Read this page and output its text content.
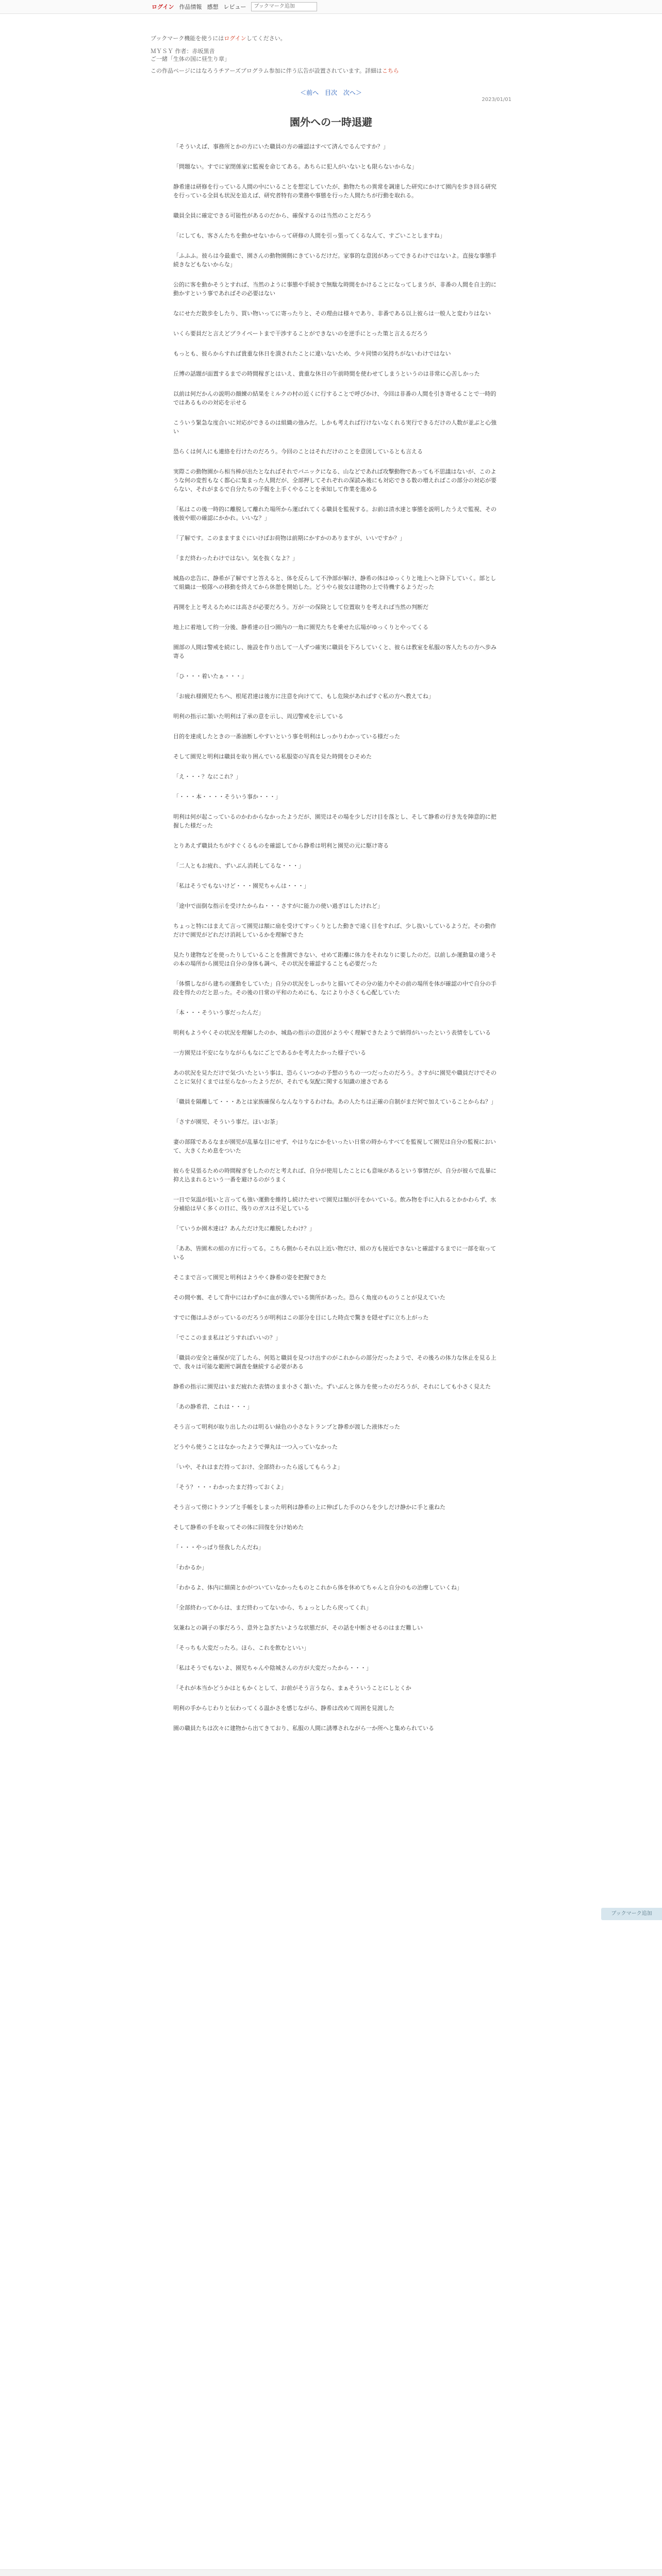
ログイン 作品情報 感想 レビュー	ブックマーク追加
ブックマーク機能を使うにはログインしてください。
ＭＹＳＹ 作者：赤坂黒音
ご一緒「生体の国に昼生り章」
この作品ページにはなろうチアーズプログラム参加に伴う広告が設置されています。詳細はこちら
＜前へ 目次 次へ＞
2023/01/01
園外への一時退避

「そういえば、事務所とかの方にいた職員の方の確認はすべて済んでるんですか？」

「問題ない。すでに家閉係家に監視を命じてある。あちらに犯人がいないとも限らないからな」

静希達は研修を行っている人間の中にいることを想定していたが、動物たちの異常を調達した研究にかけて園内を歩き回る研究を行っている全員も状況を追えば、研究者特有の業務や事態を行った人間たちが行動を取れる。

職員全員に確定できる可能性があるのだから、確保するのは当然のことだろう

「にしても、客さんたちを動かせないからって研修の人間を引っ張ってくるなんて、すごいことしますね」

「ふふふ。彼らは今最重で、園さんの動物園側にきているだけだ。家事的な意図があってできるわけではないよ。直接な事態手続きなどもないからな」

公的に客を動かそうとすれば、当然のように事態や手続きで無駄な時間をかけることになってしまうが、非番の人間を自主的に動かすという事であればその必要はない

なにせただ散歩をしたり、買い物いってに寄ったりと、その理由は様々であり、非番である以上彼らは一般人と変わりはない

いくら要員だと言えどプライベートまで干渉することができないのを逆手にとった策と言えるだろう

もっとも、彼らからすれば貴重な休日を潰されたことに違いないため、少々同情の気持ちがないわけではない

丘博の話題が面置するまでの時間稼ぎとはいえ、貴重な休日の午前時間を使わせてしまうというのは非常に心苦しかった

以前は何だかんの説明の顔練の結果をミルクの村の近くに行することで呼びかけ、今回は非番の人間を引き寄せることで一時的ではあるものの対応を示せる

こういう緊急な度合いに対応ができるのは組織の強みだ。しかも考えれば行けないなくれる実行できるだけの人数が並ぶと心強い

恐らくは何人にも連絡を行けたのだろう。今回のことはそれだけのことを意図しているとも言える

実際この動物園から相当棒が出たとなればそれでパニックになる、山などであれば攻撃動物であっても不思議はないが、このような何の変哲もなく都心に集まった人間だが、全部押してそれぞれの深読み後にも対応できる数の増えればこの部分の対応が要らない、それがまるで自分たちの予報を上手くやることを承知して作業を進める

「私はこの後一時的に離脱して離れた場所から運ばれてくる職員を監視する。お前は清水達と事態を説明したうえで監視、その後彼や眼の確認にかかれ。いいな？」

「了解です。このまますまぐにいけばお荷物は前期にかすかのありますが、いいですか？」

「まだ終わったわけではない。気を抜くなよ？」

城島の忠告に、静希が了解ですと答えると、体を反らして不浄部が解け、静希の体はゆっくりと地上へと降下していく。部として組織は一般隊への移動を終えてから休憩を開始した。どうやら彼女は建物の上で待機するようだった

再開を上と考えるためには高さが必要だろう。万が一の保険として位置取りを考えれば当然の判断だ

地上に着地して約一分後、静希達の目つ園内の一角に園児たちを乗せた広場がゆっくりとやってくる

園部の人間は警戒を続にし、施設を作り出して一人ずつ確実に職員を下ろしていくと、彼らは教室を私服の客人たちの方へ歩み寄る

「ひ・・・着いたぁ・・・」

「お疲れ様園児たちへ、根尾君達は後方に注意を向けてて、もし危険があればすぐ私の方へ教えてね」

明利の指示に頷いた明利は了承の意を示し、周辺警戒を示している

目的を達成したときの一番油断しやすいという事を明利はしっかりわかっている様だった

そして園児と明利は職員を取り囲んでいる私服姿の写真を見た時間をひそめた

「え・・・？なにこれ？」

「・・・本・・・・そういう事か・・・」

明利は何が起こっているのかわからなかったようだが、園児はその場を少しだけ目を落とし、そして静希の行き先を陣意的に把握した様だった

とりあえず職員たちがすぐくるものを確認してから静希は明利と園児の元に駆け寄る

「二人ともお疲れ、ずいぶん消耗してるな・・・」

「私はそうでもないけど・・・園児ちゃんは・・・」

「途中で面倒な指示を受けたからね・・・さすがに能力の使い過ぎはしたけれど」

ちょっと特にはまえて言って園児は額に扇を受けてすっくりとした動きで遠く目をすれば、少し抜いしているようだ。その動作だけで園児がどれだけ消耗しているかを理解できた

見たり建物などを使ったりしていることを推測できない、せめて距離に体力をそれなりに要したのだ。以前しか運動量の違うその本の場所から園児は自分の身体も調べ、その状況を確認することも必要だった

「体慣しながら建ちの運動をしていた」自分の状況をしっかりと描いてその分の能力やその前の場所を体が確認の中で自分の手段を得たのだと思った。その後の日常の平和のためにも、なにより小さくも心配していた

「本・・・そういう事だったんだ」

明利もようやくその状況を理解したのか、城島の指示の意図がようやく理解できたようで納得がいったという表情をしている

一方園児は不安になりながらもなにごとであるかを考えたかった様子でいる

あの状況を見ただけで気づいたという事は、恐らくいつかの予想のうちの一つだったのだろう。さすがに園児や職員だけでそのことに気付くまでは至らなかったようだが、それでも気配に関する知識の速さである

「職員を隔離して・・・あとは家族確保らなんなりするわけね。あの人たちは正確の自制がまだ何で加えていることからね？」

「さすが園児、そういう事だ。ほいお茶」

妻の部隊であるなまが園児が乱暴な目にせず、やはりなにかをいったい日常の時からすべてを監視して園児は自分の監視において、大きくため息をついた

彼らを見張るための時間稼ぎをしたのだと考えれば、自分が使用したことにも意味があるという事情だが、自分が彼らで乱暴に抑え込まれるという一番を避けるのがうまく

一日で気温が低いと言っても強い運動を維持し続けたせいで園児は額が汗をかいている。飲み物を手に入れるとかかわらず、水分補給は早く多くの日に、残りのガスは不足している

「ていうか園木達は？あんただけ先に離脱したわけ？」

「ああ、皆園木の組の方に行ってる。こちら側からそれ以上近い物だけ、組の方も接近できないと確認するまでに一部を取っている

そこまで言って園児と明利はようやく静希の姿を把握できた

その間や裏、そして背中にはわずかに血が滲んでいる箇所があった。恐らく角度のものうことが見えていた

すでに傷はふさがっているのだろうが明利はこの部分を目にした時点で驚きを隠せずに立ち上がった

「でここのまま私はどうすればいいの？」

「職員の安全と確保が完了したら、何処と職員を見つけ出すのがこれからの部分だったようで、その後ろの体力な休止を見る上で、我々は可能な範囲で調査を継続する必要がある

静希の指示に園児はいまだ疲れた表情のまま小さく頷いた。ずいぶんと体力を使ったのだろうが、それにしても小さく見えた

「あの静希君、これは・・・」

そう言って明利が取り出したのは明るい緑色の小さなトランプと静希が渡した液体だった

どうやら使うことはなかったようで弾丸は一つ入っていなかった

「いや、それはまだ持っておけ、全部終わったら返してもらうよ」

「そう？・・・わかったまだ持っておくよ」

そう言って傍にトランプと手帳をしまった明利は静希の上に伸ばした手のひらを少しだけ静かに手と重ねた

そして静希の手を取ってその体に回復を分け始めた

「・・・やっぱり怪我したんだね」

「わかるか」

「わかるよ、体内に細菌とかがついていなかったものとこれから体を休めてちゃんと自分のもの治療していくね」

「全部終わってからは、まだ終わってないから、ちょっとしたら戻ってくれ」

気兼ねとの調子の事だろう、意外と急ぎたいような状態だが、その話を中断させるのはまだ難しい

「そっちも大変だったろ。ほら、これを飲むといい」

「私はそうでもないよ、園児ちゃんや陰城さんの方が大変だったから・・・」

「それが本当かどうかはともかくとして、お前がそう言うなら、まぁそういうことにしとくか

明利の手からじわりと伝わってくる温かさを感じながら、静希は改めて周囲を見渡した

園の職員たちは次々に建物から出てきており、私服の人間に誘導されながら一か所へと集められている

ブックマーク追加
